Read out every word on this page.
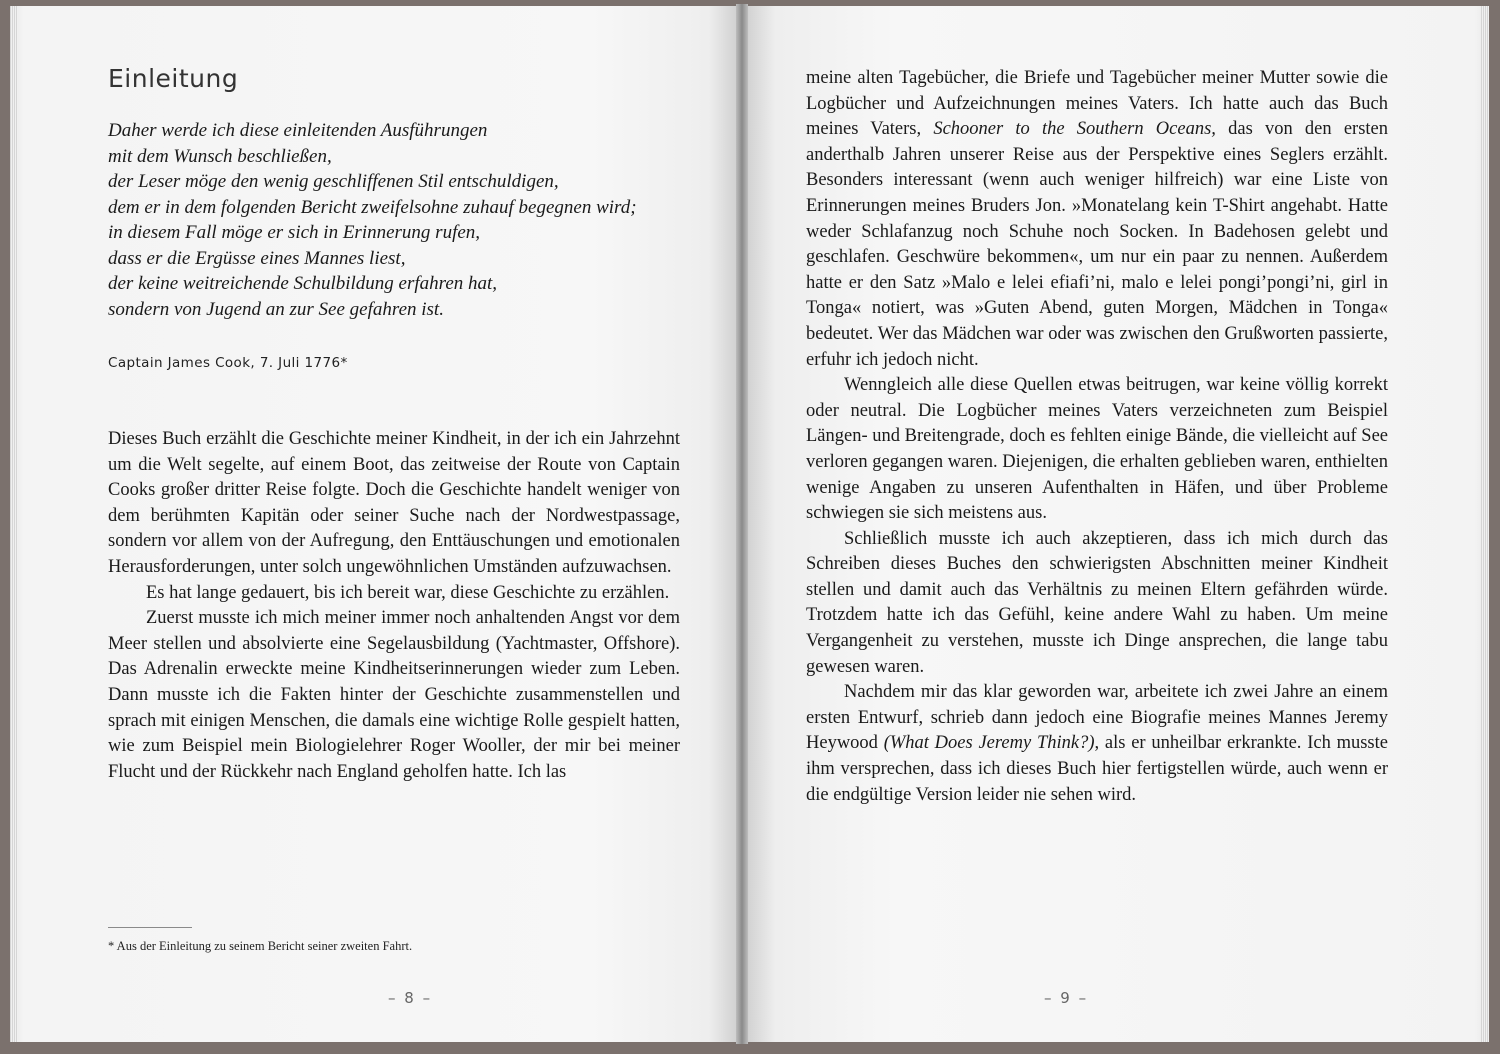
Einleitung
Daher werde ich diese einleitenden Ausführungen
mit dem Wunsch beschließen,
der Leser möge den wenig geschliffenen Stil entschuldigen,
dem er in dem folgenden Bericht zweifelsohne zuhauf begegnen wird;
in diesem Fall möge er sich in Erinnerung rufen,
dass er die Ergüsse eines Mannes liest,
der keine weitreichende Schulbildung erfahren hat,
sondern von Jugend an zur See gefahren ist.
Captain James Cook, 7. Juli 1776*

Dieses Buch erzählt die Geschichte meiner Kindheit, in der ich ein Jahrzehnt um die Welt segelte, auf einem Boot, das zeitweise der Route von Captain Cooks großer dritter Reise folgte. Doch die Geschichte handelt weniger von dem berühmten Kapitän oder seiner Suche nach der Nordwestpassage, sondern vor allem von der Aufregung, den Enttäuschungen und emotionalen Herausforderungen, unter solch ungewöhnlichen Umständen aufzuwachsen.

Es hat lange gedauert, bis ich bereit war, diese Geschichte zu erzählen.

Zuerst musste ich mich meiner immer noch anhaltenden Angst vor dem Meer stellen und absolvierte eine Segelausbildung (Yachtmaster, Offshore). Das Adrenalin erweckte meine Kindheitserinnerungen wieder zum Leben. Dann musste ich die Fakten hinter der Geschichte zusammenstellen und sprach mit einigen Menschen, die damals eine wichtige Rolle gespielt hatten, wie zum Beispiel mein Biologielehrer Roger Wooller, der mir bei meiner Flucht und der Rückkehr nach England geholfen hatte. Ich las

* Aus der Einleitung zu seinem Bericht seiner zweiten Fahrt.
– 8 –

meine alten Tagebücher, die Briefe und Tagebücher meiner Mutter sowie die Logbücher und Aufzeichnungen meines Vaters. Ich hatte auch das Buch meines Vaters, Schooner to the Southern Oceans, das von den ersten anderthalb Jahren unserer Reise aus der Perspektive eines Seglers erzählt. Besonders interessant (wenn auch weniger hilfreich) war eine Liste von Erinnerungen meines Bruders Jon. »Monatelang kein T-Shirt angehabt. Hatte weder Schlafanzug noch Schuhe noch Socken. In Badehosen gelebt und geschlafen. Geschwüre bekommen«, um nur ein paar zu nennen. Außerdem hatte er den Satz »Malo e lelei efiafi’ni, malo e lelei pongi’pongi’ni, girl in Tonga« notiert, was »Guten Abend, guten Morgen, Mädchen in Tonga« bedeutet. Wer das Mädchen war oder was zwischen den Grußworten passierte, erfuhr ich jedoch nicht.

Wenngleich alle diese Quellen etwas beitrugen, war keine völlig korrekt oder neutral. Die Logbücher meines Vaters verzeichneten zum Beispiel Längen- und Breitengrade, doch es fehlten einige Bände, die vielleicht auf See verloren gegangen waren. Diejenigen, die erhalten geblieben waren, enthielten wenige Angaben zu unseren Aufenthalten in Häfen, und über Probleme schwiegen sie sich meistens aus.

Schließlich musste ich auch akzeptieren, dass ich mich durch das Schreiben dieses Buches den schwierigsten Abschnitten meiner Kindheit stellen und damit auch das Verhältnis zu meinen Eltern gefährden würde. Trotzdem hatte ich das Gefühl, keine andere Wahl zu haben. Um meine Vergangenheit zu verstehen, musste ich Dinge ansprechen, die lange tabu gewesen waren.

Nachdem mir das klar geworden war, arbeitete ich zwei Jahre an einem ersten Entwurf, schrieb dann jedoch eine Biografie meines Mannes Jeremy Heywood (What Does Jeremy Think?), als er unheilbar erkrankte. Ich musste ihm versprechen, dass ich dieses Buch hier fertigstellen würde, auch wenn er die endgültige Version leider nie sehen wird.

– 9 –
